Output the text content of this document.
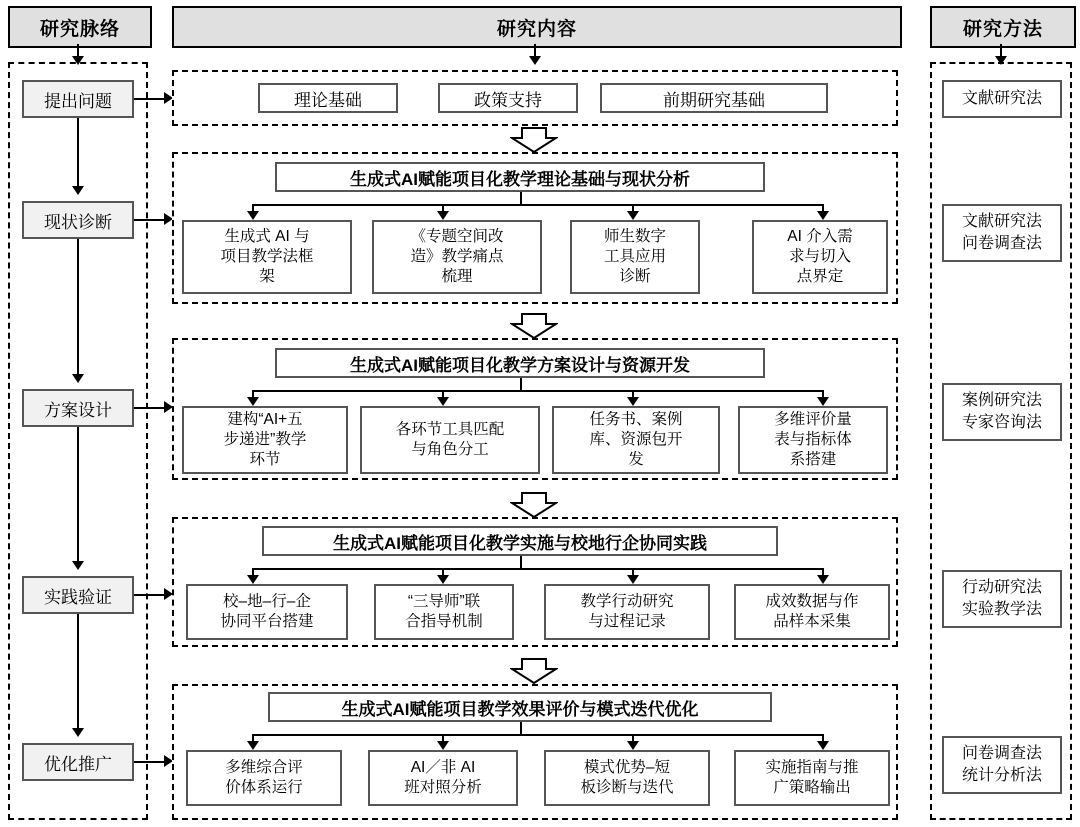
研究脉络	研究内容	研究方法
提出问题
现状诊断
方案设计
实践验证
优化推广
文献研究法
文献研究法
问卷调查法
案例研究法
专家咨询法
行动研究法
实验教学法
问卷调查法
统计分析法
理论基础	政策支持	前期研究基础
生成式AI赋能项目化教学理论基础与现状分析
生成式 AI 与
项目教学法框
架
《专题空间改
造》教学痛点
梳理
师生数字
工具应用
诊断
AI 介入需
求与切入
点界定
生成式AI赋能项目化教学方案设计与资源开发
建构“AI+五
步递进”教学
环节
各环节工具匹配
与角色分工
任务书、案例
库、资源包开
发
多维评价量
表与指标体
系搭建
生成式AI赋能项目化教学实施与校地行企协同实践
校–地–行–企
协同平台搭建
“三导师”联
合指导机制
教学行动研究
与过程记录
成效数据与作
品样本采集
生成式AI赋能项目教学效果评价与模式迭代优化
多维综合评
价体系运行
AI／非 AI
班对照分析
模式优势–短
板诊断与迭代
实施指南与推
广策略输出
